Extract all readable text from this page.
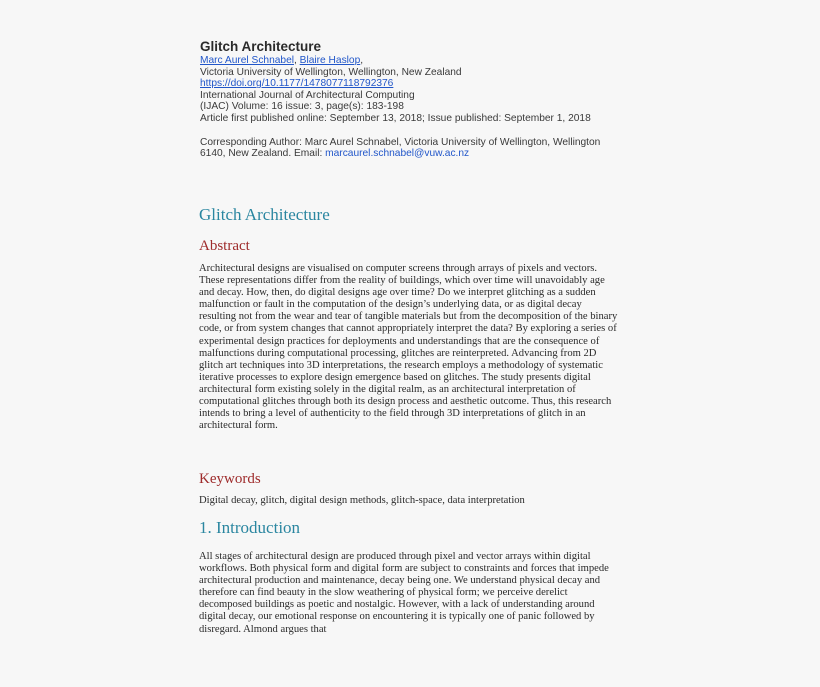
Glitch Architecture
Marc Aurel Schnabel, Blaire Haslop,
Victoria University of Wellington, Wellington, New Zealand
https://doi.org/10.1177/1478077118792376
International Journal of Architectural Computing
(IJAC) Volume: 16 issue: 3, page(s): 183-198
Article first published online: September 13, 2018; Issue published: September 1, 2018
Corresponding Author: Marc Aurel Schnabel, Victoria University of Wellington, Wellington 6140, New Zealand. Email: marcaurel.schnabel@vuw.ac.nz
Glitch Architecture
Abstract

Architectural designs are visualised on computer screens through arrays of pixels and vectors. These representations differ from the reality of buildings, which over time will unavoidably age and decay. How, then, do digital designs age over time? Do we interpret glitching as a sudden malfunction or fault in the computation of the design’s underlying data, or as digital decay resulting not from the wear and tear of tangible materials but from the decomposition of the binary code, or from system changes that cannot appropriately interpret the data? By exploring a series of experimental design practices for deployments and understandings that are the consequence of malfunctions during computational processing, glitches are reinterpreted. Advancing from 2D glitch art techniques into 3D interpretations, the research employs a methodology of systematic iterative processes to explore design emergence based on glitches. The study presents digital architectural form existing solely in the digital realm, as an architectural interpretation of computational glitches through both its design process and aesthetic outcome. Thus, this research intends to bring a level of authenticity to the field through 3D interpretations of glitch in an architectural form.

Keywords

Digital decay, glitch, digital design methods, glitch-space, data interpretation

1. Introduction

All stages of architectural design are produced through pixel and vector arrays within digital workflows. Both physical form and digital form are subject to constraints and forces that impede architectural production and maintenance, decay being one. We understand physical decay and therefore can find beauty in the slow weathering of physical form; we perceive derelict decomposed buildings as poetic and nostalgic. However, with a lack of understanding around digital decay, our emotional response on encountering it is typically one of panic followed by disregard. Almond argues that
